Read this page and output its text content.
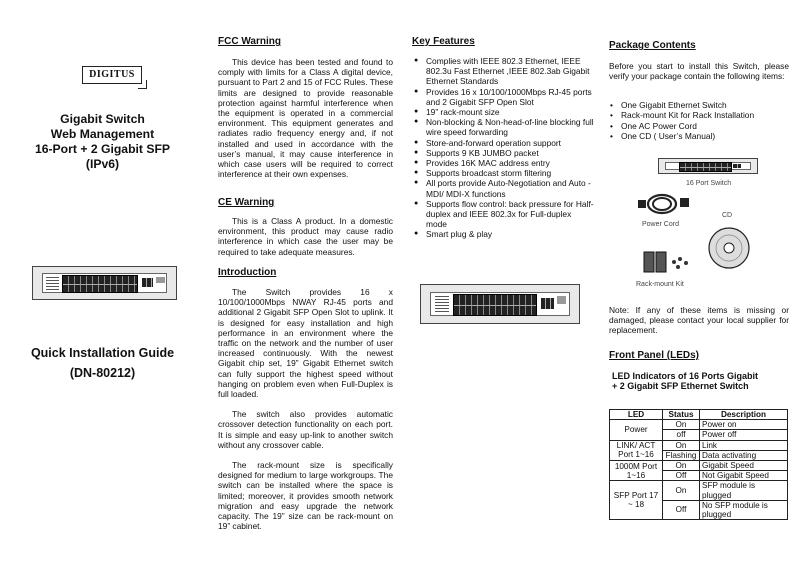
DIGITUS
Gigabit Switch
Web Management
16-Port + 2 Gigabit SFP
(IPv6)
Quick Installation Guide
(DN-80212)
FCC Warning

This device has been tested and found to comply with limits for a Class A digital device, pursuant to Part 2 and 15 of FCC Rules. These limits are designed to provide reasonable protection against harmful interference when the equipment is operated in a commercial environment. This equipment generates and radiates radio frequency energy and, if not installed and used in accordance with the user’s manual, it may cause interference in which case users will be required to correct interference at their own expenses.

CE Warning

This is a Class A product. In a domestic environment, this product may cause radio interference in which case the user may be required to take adequate measures.

Introduction

The Switch provides 16 x 10/100/1000Mbps NWAY RJ-45 ports and additional 2 Gigabit SFP Open Slot to uplink. It is designed for easy installation and high performance in an environment where the traffic on the network and the number of user increased continuously. With the newest Gigabit chip set, 19” Gigabit Ethernet switch can fully support the highest speed without hanging on problem even when Full-Duplex is full loaded.

The switch also provides automatic crossover detection functionality on each port. It is simple and easy up-link to another switch without any crossover cable.

The rack-mount size is specifically designed for medium to large workgroups. The switch can be installed where the space is limited; moreover, it provides smooth network migration and easy upgrade the network capacity. The 19” size can be rack-mount on 19” cabinet.

Key Features
● Complies with IEEE 802.3 Ethernet, IEEE 802.3u Fast Ethernet ,IEEE 802.3ab Gigabit Ethernet Standards
● Provides 16 x 10/100/1000Mbps RJ-45 ports and 2 Gigabit SFP Open Slot
● 19” rack-mount size
● Non-blocking & Non-head-of-line blocking full wire speed forwarding
● Store-and-forward operation support
● Supports 9 KB JUMBO packet
● Provides 16K MAC address entry
● Supports broadcast storm filtering
● All ports provide Auto-Negotiation and Auto -MDI/ MDI-X functions
● Supports flow control: back pressure for Half-duplex and IEEE 802.3x for Full-duplex mode
● Smart plug & play
Package Contents
Before you start to install this Switch, please verify your package contain the following items:
• One Gigabit Ethernet Switch
• Rack-mount Kit for Rack Installation
• One AC Power Cord
• One CD ( User’s Manual)
16 Port Switch
Power Cord
CD
Rack-mount Kit
Note: If any of these items is missing or damaged, please contact your local supplier for replacement.
Front Panel (LEDs)
LED Indicators of 16 Ports Gigabit
+ 2 Gigabit SFP Ethernet Switch
LED	Status	Description
Power	On	Power on
	off	Power off
LINK/ ACT Port 1~16	On	Link
	Flashing	Data activating
1000M Port 1~16	On	Gigabit Speed
	Off	Not Gigabit Speed
SFP Port 17 ~ 18	On	SFP module is plugged
	Off	No SFP module is plugged
